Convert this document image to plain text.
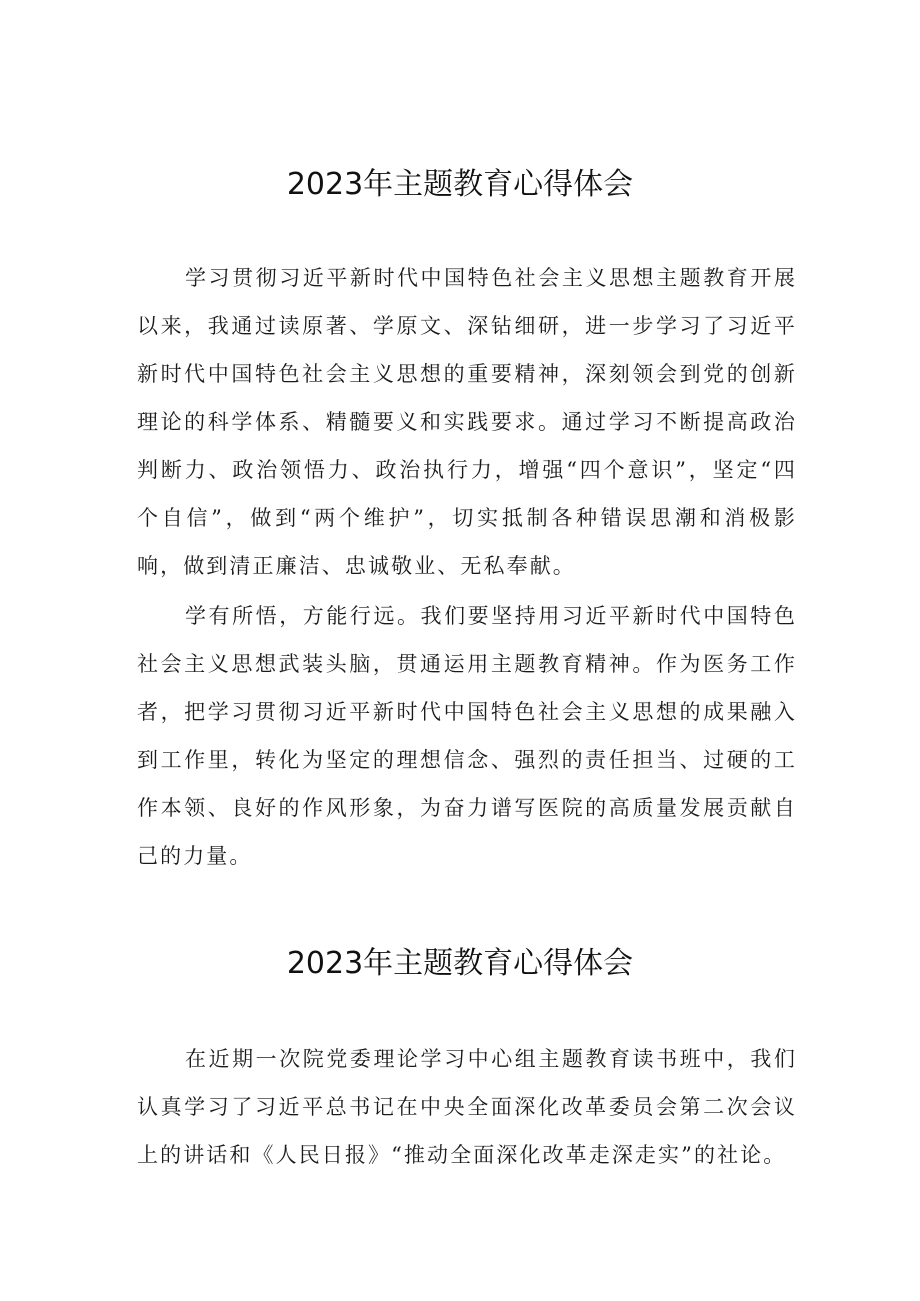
2023年主题教育心得体会

学习贯彻习近平新时代中国特色社会主义思想主题教育开展以来，我通过读原著、学原文、深钻细研，进一步学习了习近平新时代中国特色社会主义思想的重要精神，深刻领会到党的创新理论的科学体系、精髓要义和实践要求。通过学习不断提高政治判断力、政治领悟力、政治执行力，增强“四个意识”，坚定“四个自信”，做到“两个维护”，切实抵制各种错误思潮和消极影响，做到清正廉洁、忠诚敬业、无私奉献。

学有所悟，方能行远。我们要坚持用习近平新时代中国特色社会主义思想武装头脑，贯通运用主题教育精神。作为医务工作者，把学习贯彻习近平新时代中国特色社会主义思想的成果融入到工作里，转化为坚定的理想信念、强烈的责任担当、过硬的工作本领、良好的作风形象，为奋力谱写医院的高质量发展贡献自己的力量。

2023年主题教育心得体会

在近期一次院党委理论学习中心组主题教育读书班中，我们认真学习了习近平总书记在中央全面深化改革委员会第二次会议上的讲话和《人民日报》“推动全面深化改革走深走实”的社论。
